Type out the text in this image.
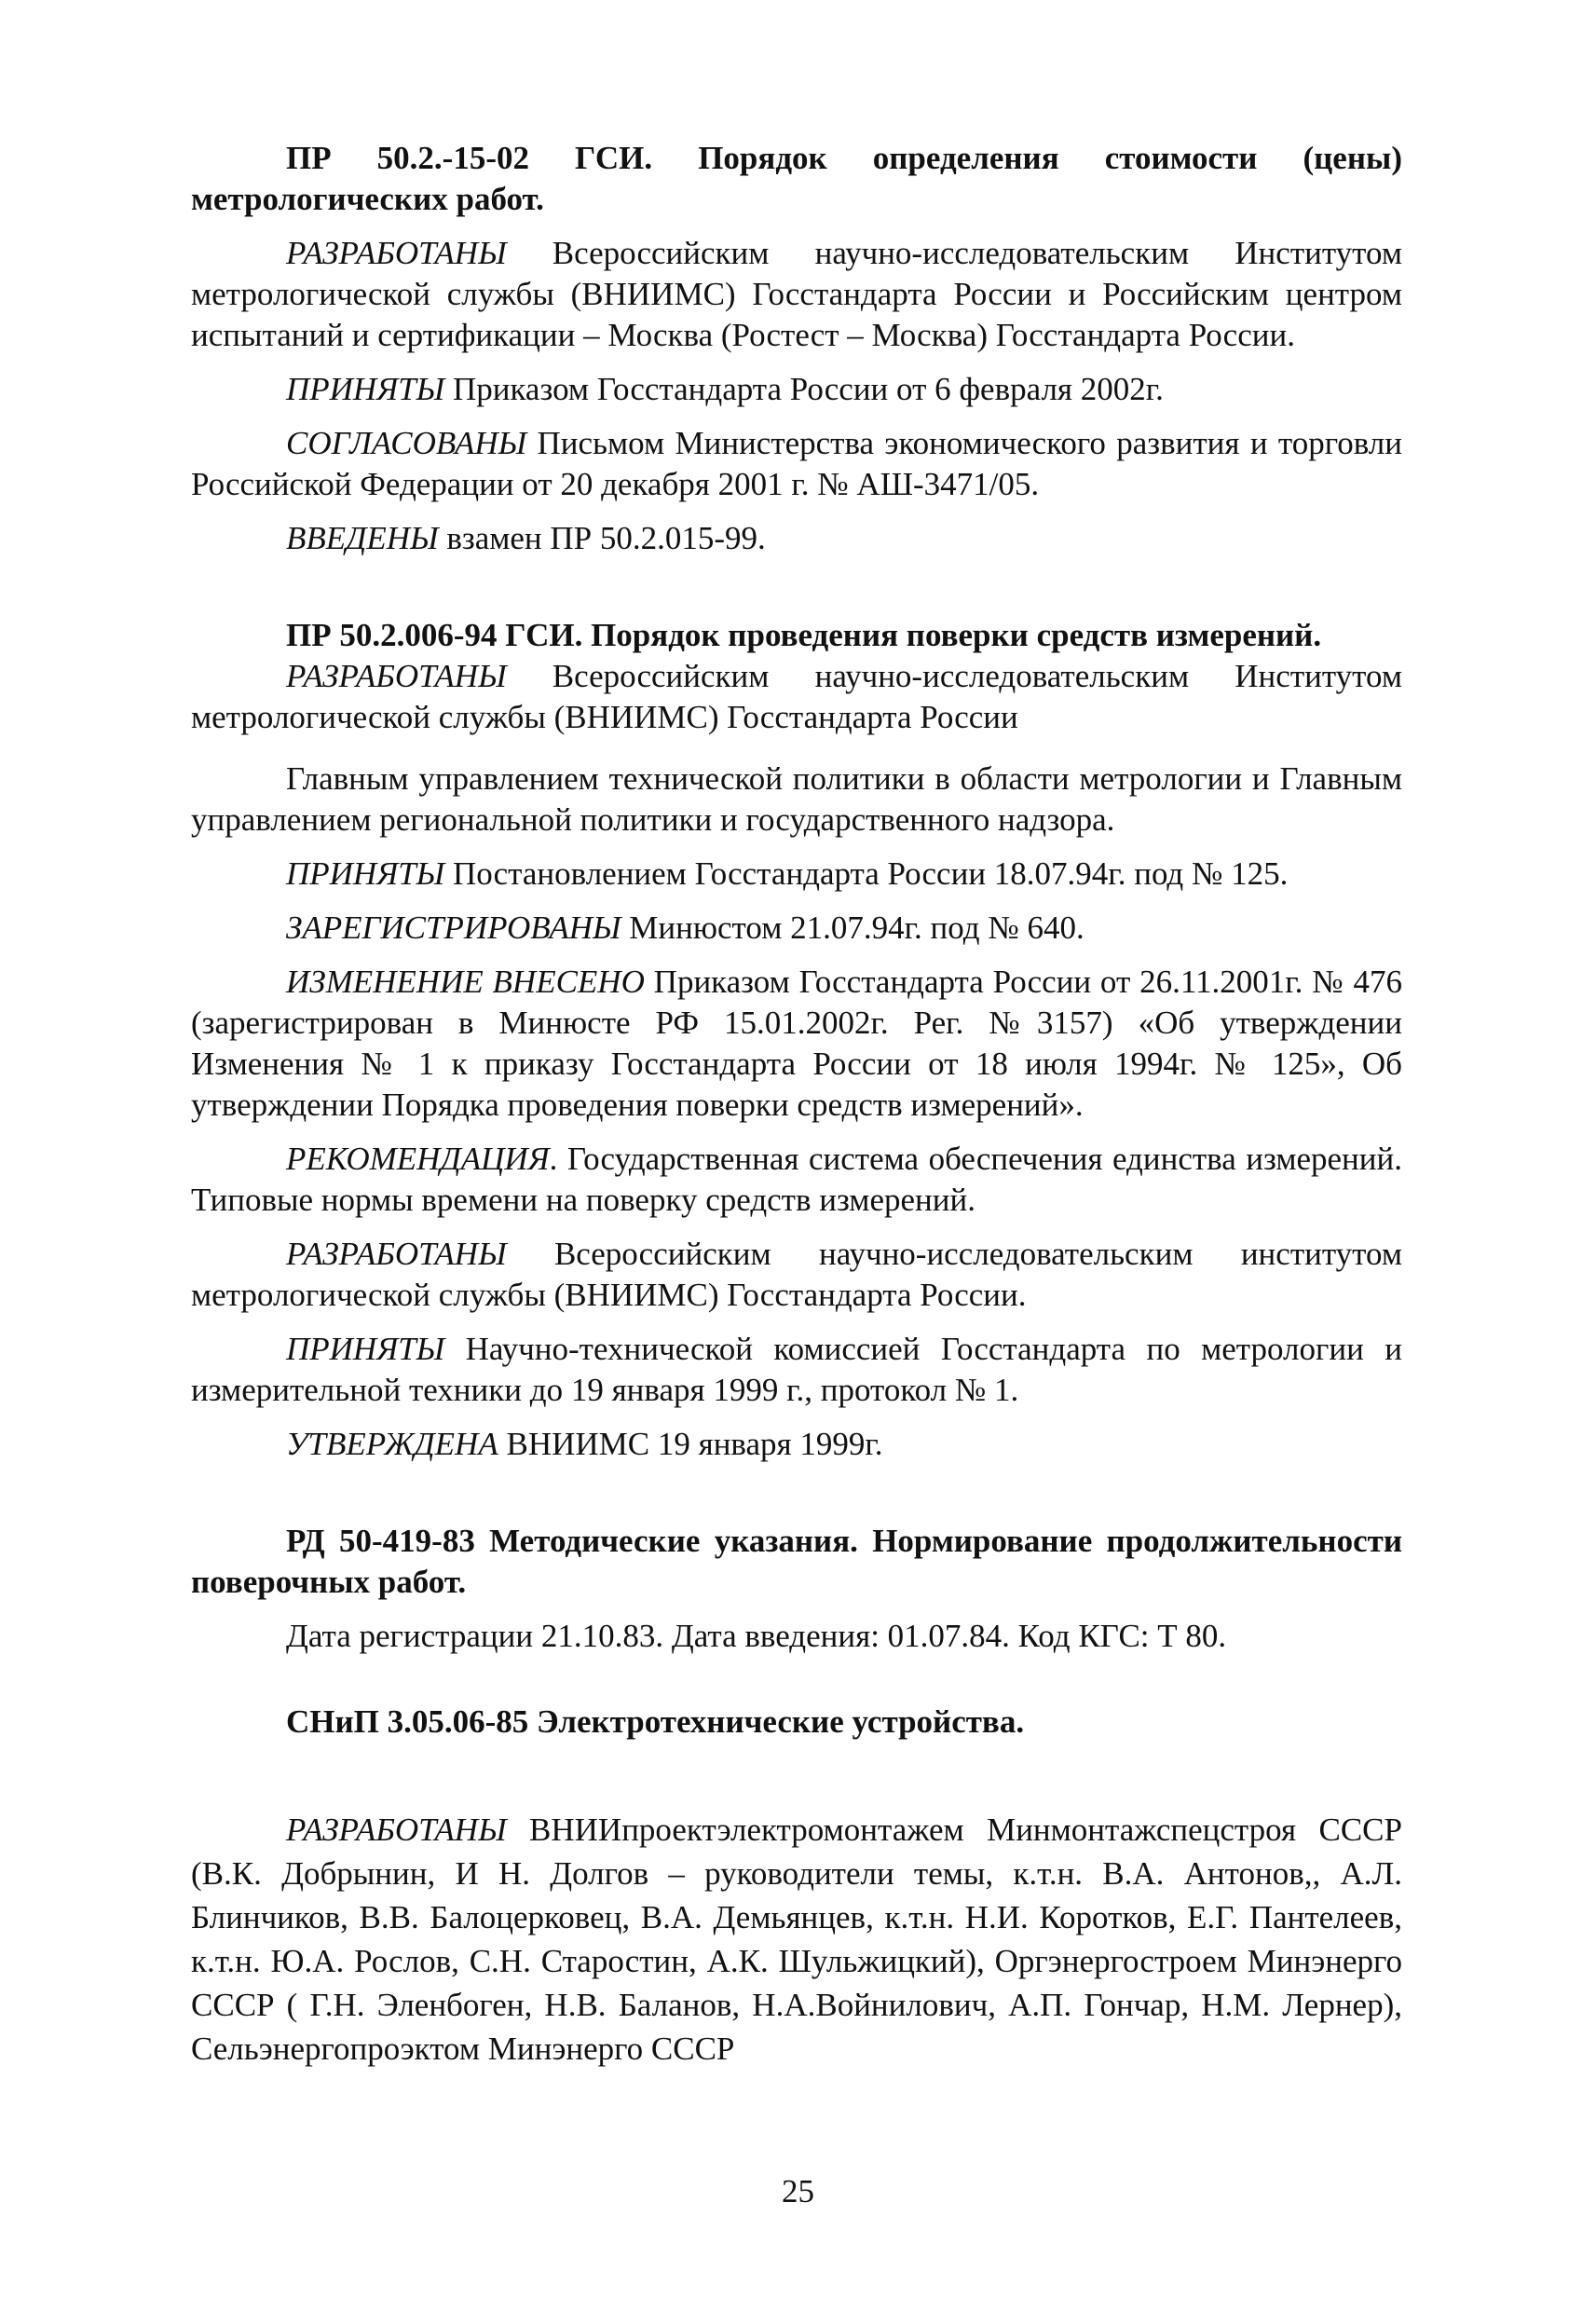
ПР 50.2.-15-02 ГСИ. Порядок определения стоимости (цены) метрологических работ.

РАЗРАБОТАНЫ Всероссийским научно-исследовательским Институтом метрологической службы (ВНИИМС) Госстандарта России и Российским центром испытаний и сертификации – Москва (Ростест – Москва) Госстандарта России.

ПРИНЯТЫ Приказом Госстандарта России от 6 февраля 2002г.

СОГЛАСОВАНЫ Письмом Министерства экономического развития и торговли Российской Федерации от 20 декабря 2001 г. № АШ-3471/05.

ВВЕДЕНЫ взамен ПР 50.2.015-99.

ПР 50.2.006-94 ГСИ. Порядок проведения поверки средств измерений.

РАЗРАБОТАНЫ Всероссийским научно-исследовательским Институтом метрологической службы (ВНИИМС) Госстандарта России

Главным управлением технической политики в области метрологии и Главным управлением региональной политики и государственного надзора.

ПРИНЯТЫ Постановлением Госстандарта России 18.07.94г. под № 125.

ЗАРЕГИСТРИРОВАНЫ Минюстом 21.07.94г. под № 640.

ИЗМЕНЕНИЕ ВНЕСЕНО Приказом Госстандарта России от 26.11.2001г. № 476 (зарегистрирован в Минюсте РФ 15.01.2002г. Рег. №3157) «Об утверждении Изменения № 1 к приказу Госстандарта России от 18 июля 1994г. № 125», Об утверждении Порядка проведения поверки средств измерений».

РЕКОМЕНДАЦИЯ. Государственная система обеспечения единства измерений. Типовые нормы времени на поверку средств измерений.

РАЗРАБОТАНЫ Всероссийским научно-исследовательским институтом метрологической службы (ВНИИМС) Госстандарта России.

ПРИНЯТЫ Научно-технической комиссией Госстандарта по метрологии и измерительной техники до 19 января 1999 г., протокол № 1.

УТВЕРЖДЕНА ВНИИМС 19 января 1999г.

РД 50-419-83 Методические указания. Нормирование продолжительности поверочных работ.

Дата регистрации 21.10.83. Дата введения: 01.07.84. Код КГС: Т 80.

СНиП 3.05.06-85 Электротехнические устройства.

РАЗРАБОТАНЫ ВНИИпроектэлектромонтажем Минмонтажспецстроя СССР (В.К. Добрынин, И Н. Долгов – руководители темы, к.т.н. В.А. Антонов,, А.Л. Блинчиков, В.В. Балоцерковец, В.А. Демьянцев, к.т.н. Н.И. Коротков, Е.Г. Пантелеев, к.т.н. Ю.А. Рослов, С.Н. Старостин, А.К. Шульжицкий), Оргэнергостроем Минэнерго СССР ( Г.Н. Эленбоген, Н.В. Баланов, Н.А.Войнилович, А.П. Гончар, Н.М. Лернер), Сельэнергопроэктом Минэнерго СССР

25
